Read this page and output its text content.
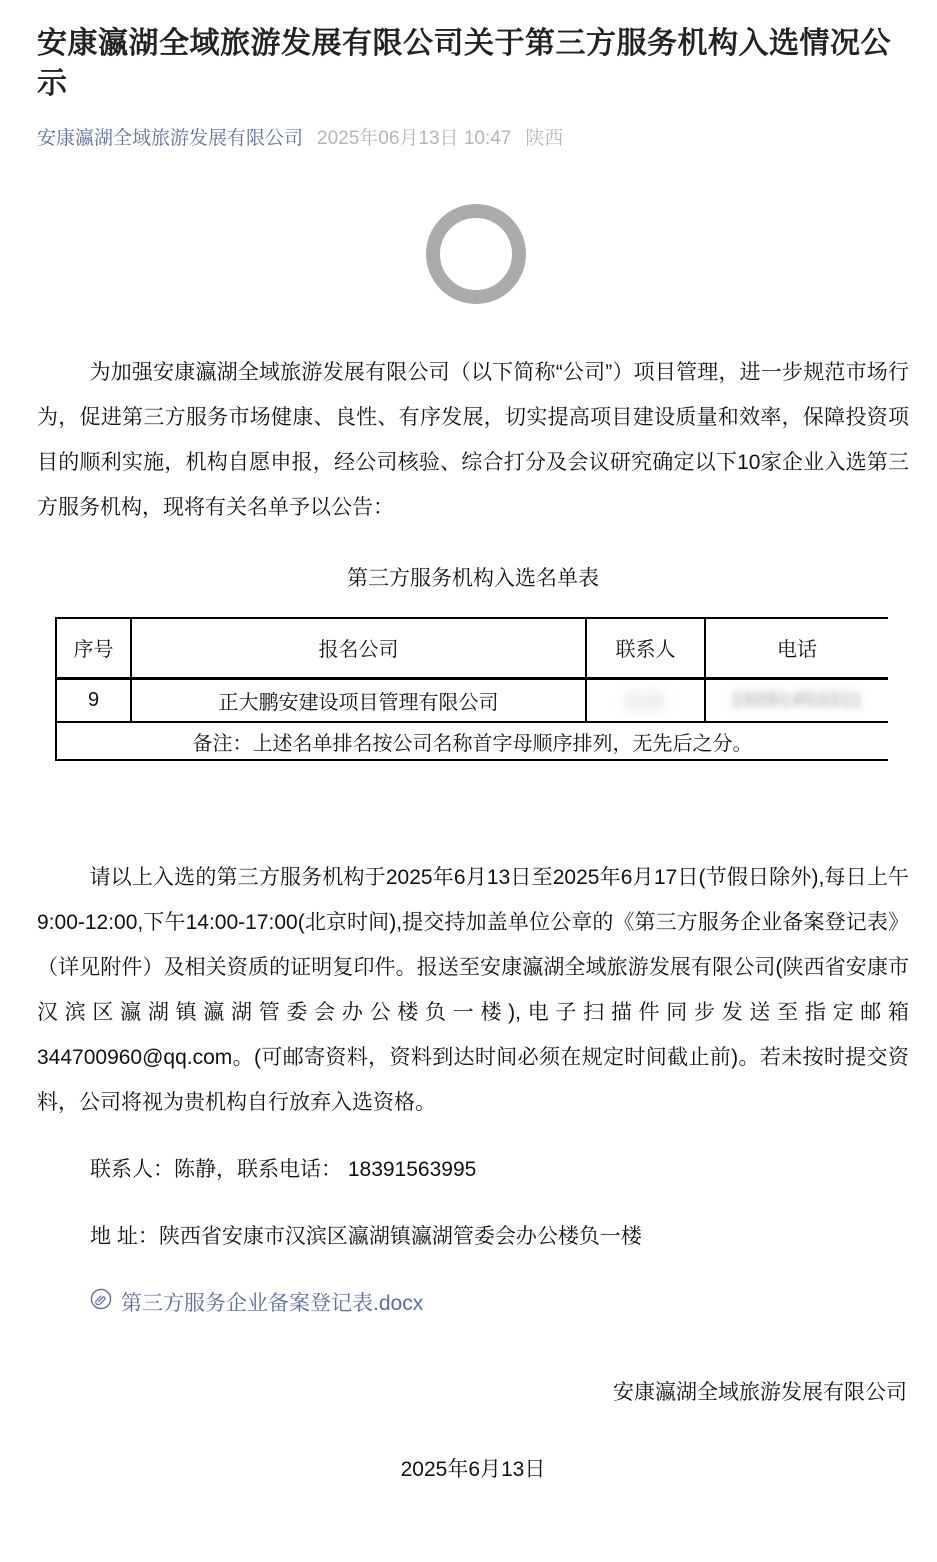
安康瀛湖全域旅游发展有限公司关于第三方服务机构入选情况公示
安康瀛湖全域旅游发展有限公司 2025年06月13日 10:47 陕西

为加强安康瀛湖全域旅游发展有限公司（以下简称“公司”）项目管理，进一步规范市场行为，促进第三方服务市场健康、良性、有序发展，切实提高项目建设质量和效率，保障投资项目的顺利实施，机构自愿申报，经公司核验、综合打分及会议研究确定以下10家企业入选第三方服务机构，现将有关名单予以公告：

第三方服务机构入选名单表
序号	报名公司	联系人	电话
9	正大鹏安建设项目管理有限公司	陈静	15091453311
备注：上述名单排名按公司名称首字母顺序排列，无先后之分。			

请以上入选的第三方服务机构于2025年6月13日至2025年6月17日(节假日除外),每日上午9:00-12:00,下午14:00-17:00(北京时间),提交持加盖单位公章的《第三方服务企业备案登记表》（详见附件）及相关资质的证明复印件。报送至安康瀛湖全域旅游发展有限公司(陕西省安康市汉滨区瀛湖镇瀛湖管委会办公楼负一楼),电子扫描件同步发送至指定邮箱344700960@qq.com。(可邮寄资料，资料到达时间必须在规定时间截止前)。若未按时提交资料，公司将视为贵机构自行放弃入选资格。

联系人：陈静，联系电话： 18391563995
地 址：陕西省安康市汉滨区瀛湖镇瀛湖管委会办公楼负一楼
第三方服务企业备案登记表.docx
安康瀛湖全域旅游发展有限公司
2025年6月13日
